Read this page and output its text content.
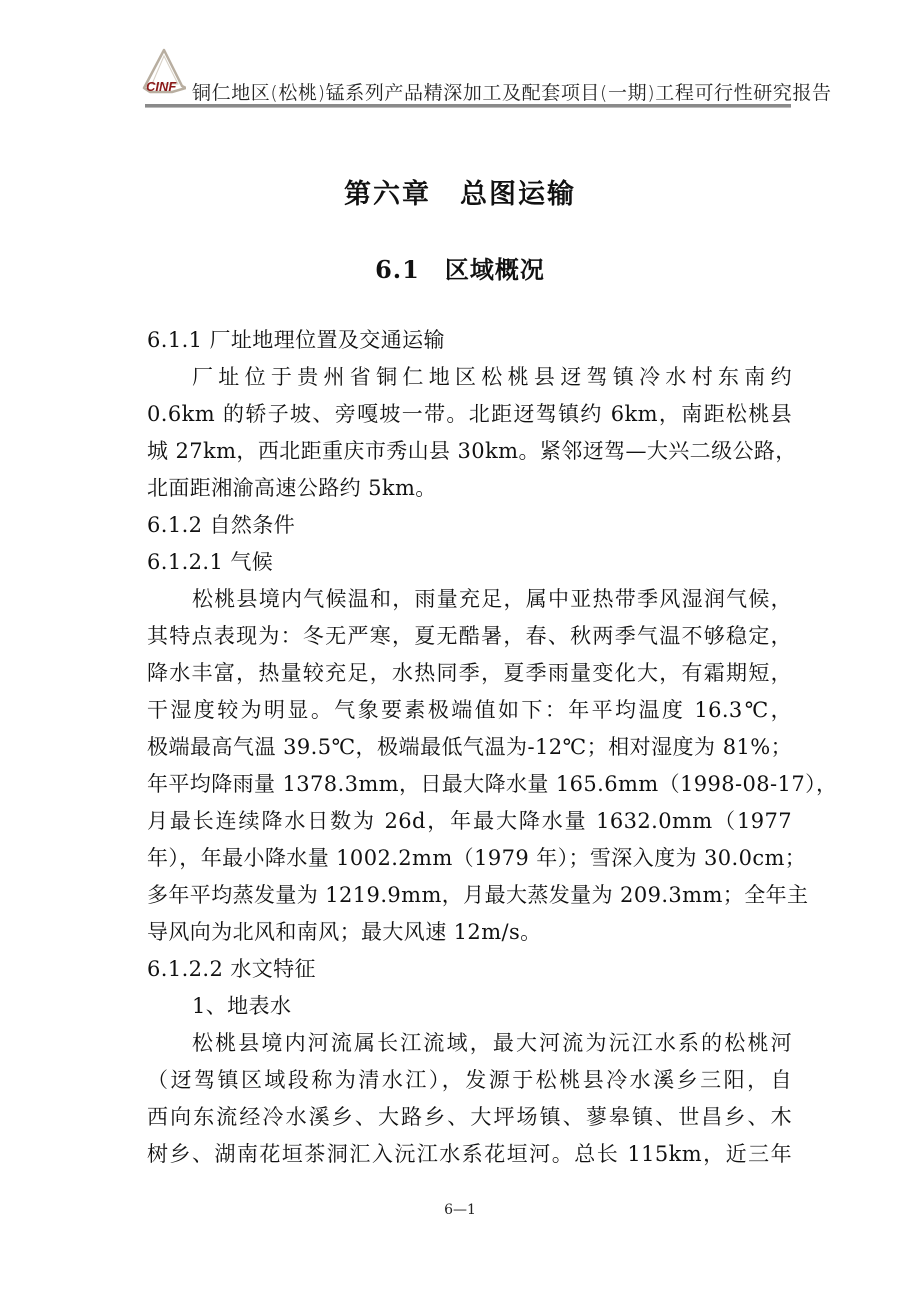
CINF 铜仁地区(松桃)锰系列产品精深加工及配套项目(一期)工程可行性研究报告
第六章　总图运输
6.1　区域概况
6.1.1 厂址地理位置及交通运输
厂址位于贵州省铜仁地区松桃县迓驾镇冷水村东南约
0.6km 的轿子坡、旁嘎坡一带。北距迓驾镇约 6km，南距松桃县
城 27km，西北距重庆市秀山县 30km。紧邻迓驾—大兴二级公路，
北面距湘渝高速公路约 5km。
6.1.2 自然条件
6.1.2.1 气候
松桃县境内气候温和，雨量充足，属中亚热带季风湿润气候，
其特点表现为：冬无严寒，夏无酷暑，春、秋两季气温不够稳定，
降水丰富，热量较充足，水热同季，夏季雨量变化大，有霜期短，
干湿度较为明显。气象要素极端值如下：年平均温度 16.3℃，
极端最高气温 39.5℃，极端最低气温为-12℃；相对湿度为 81%；
年平均降雨量 1378.3mm，日最大降水量 165.6mm（1998-08-17），
月最长连续降水日数为 26d，年最大降水量 1632.0mm（1977
年），年最小降水量 1002.2mm（1979 年）；雪深入度为 30.0cm；
多年平均蒸发量为 1219.9mm，月最大蒸发量为 209.3mm；全年主
导风向为北风和南风；最大风速 12m/s。
6.1.2.2 水文特征
1、地表水
松桃县境内河流属长江流域，最大河流为沅江水系的松桃河
（迓驾镇区域段称为清水江），发源于松桃县冷水溪乡三阳，自
西向东流经冷水溪乡、大路乡、大坪场镇、蓼皋镇、世昌乡、木
树乡、湖南花垣茶洞汇入沅江水系花垣河。总长 115km，近三年
6—1
